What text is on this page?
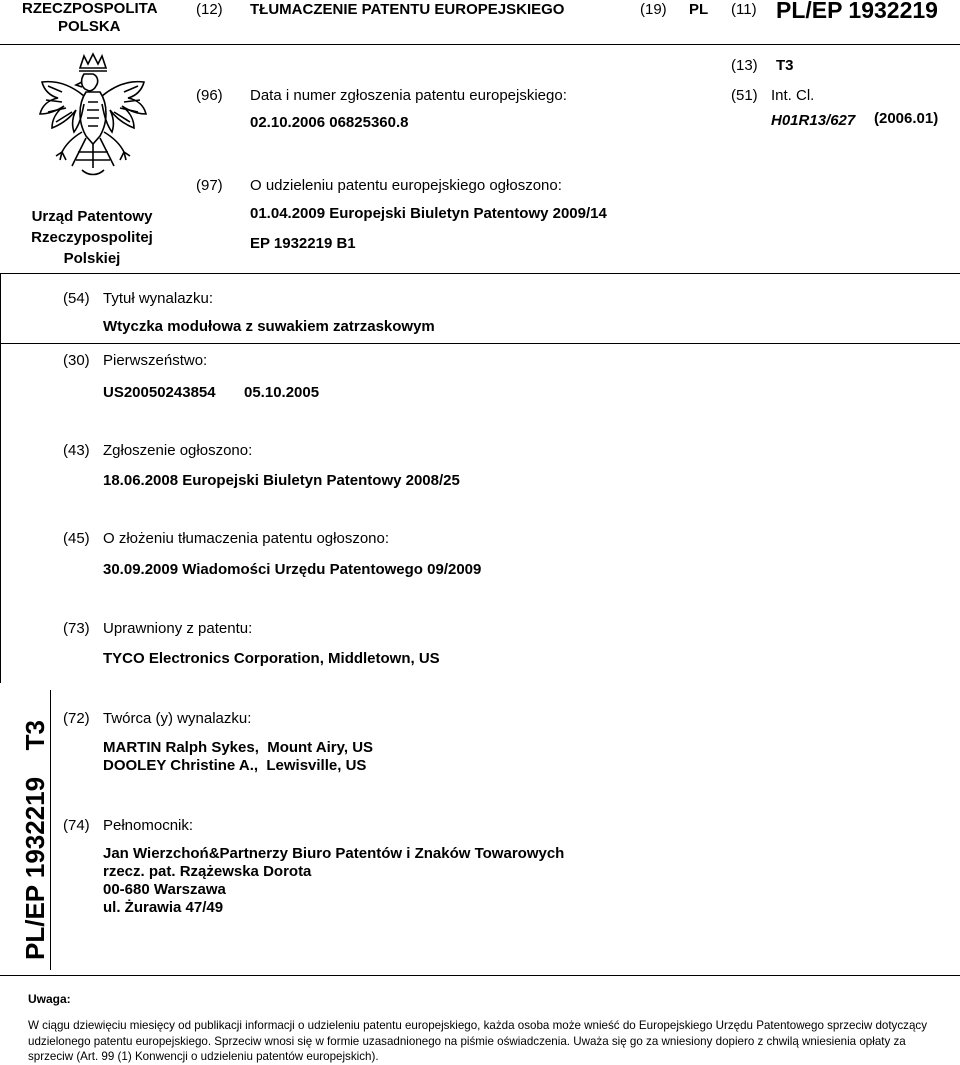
RZECZPOSPOLITA
POLSKA
(12) TŁUMACZENIE PATENTU EUROPEJSKIEGO	(19) PL (11) PL/EP 1932219
Urząd Patentowy
Rzeczypospolitej
Polskiej
(13) T3
(96) Data i numer zgłoszenia patentu europejskiego:
02.10.2006 06825360.8
(51) Int. Cl.
H01R13/627 (2006.01)
(97) O udzieleniu patentu europejskiego ogłoszono:
01.04.2009 Europejski Biuletyn Patentowy 2009/14
EP 1932219 B1
(54) Tytuł wynalazku:
Wtyczka modułowa z suwakiem zatrzaskowym
(30) Pierwszeństwo:
US20050243854 05.10.2005
(43) Zgłoszenie ogłoszono:
18.06.2008 Europejski Biuletyn Patentowy 2008/25
(45) O złożeniu tłumaczenia patentu ogłoszono:
30.09.2009 Wiadomości Urzędu Patentowego 09/2009
(73) Uprawniony z patentu:
TYCO Electronics Corporation, Middletown, US
PL/EP 1932219
T3
(72) Twórca (y) wynalazku:
MARTIN Ralph Sykes,  Mount Airy, US
DOOLEY Christine A.,  Lewisville, US
(74) Pełnomocnik:
Jan Wierzchoń&Partnerzy Biuro Patentów i Znaków Towarowych
rzecz. pat. Rzążewska Dorota
00-680 Warszawa
ul. Żurawia 47/49
Uwaga:
W ciągu dziewięciu miesięcy od publikacji informacji o udzieleniu patentu europejskiego, każda osoba może wnieść do Europejskiego Urzędu Patentowego sprzeciw dotyczący udzielonego patentu europejskiego. Sprzeciw wnosi się w formie uzasadnionego na piśmie oświadczenia. Uważa się go za wniesiony dopiero z chwilą wniesienia opłaty za sprzeciw (Art. 99 (1) Konwencji o udzieleniu patentów europejskich).
